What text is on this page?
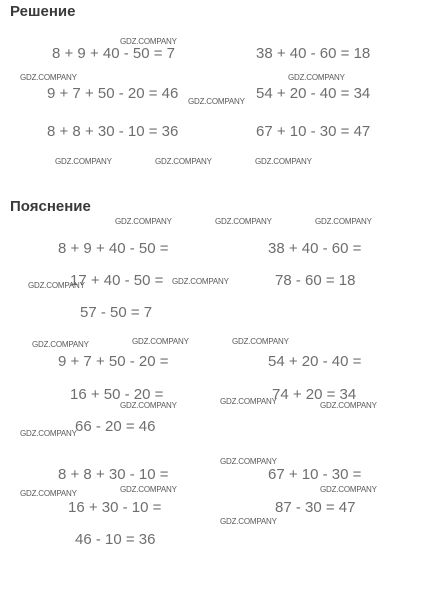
Решение
8 + 9 + 40 - 50 = 7	38 + 40 - 60 = 18
9 + 7 + 50 - 20 = 46	54 + 20 - 40 = 34
8 + 8 + 30 - 10 = 36	67 + 10 - 30 = 47
Пояснение
8 + 9 + 40 - 50 =	38 + 40 - 60 =
17 + 40 - 50 =	78 - 60 = 18
57 - 50 = 7
9 + 7 + 50 - 20 =	54 + 20 - 40 =
16 + 50 - 20 =	74 + 20 = 34
66 - 20 = 46
8 + 8 + 30 - 10 =	67 + 10 - 30 =
16 + 30 - 10 =	87 - 30 = 47
46 - 10 = 36
GDZ.COMPANY
GDZ.COMPANY	GDZ.COMPANY
GDZ.COMPANY
GDZ.COMPANY	GDZ.COMPANY	GDZ.COMPANY
GDZ.COMPANY	GDZ.COMPANY	GDZ.COMPANY
GDZ.COMPANY	GDZ.COMPANY
GDZ.COMPANY	GDZ.COMPANY	GDZ.COMPANY
GDZ.COMPANY	GDZ.COMPANY	GDZ.COMPANY
GDZ.COMPANY
GDZ.COMPANY
GDZ.COMPANY
GDZ.COMPANY	GDZ.COMPANY
GDZ.COMPANY
